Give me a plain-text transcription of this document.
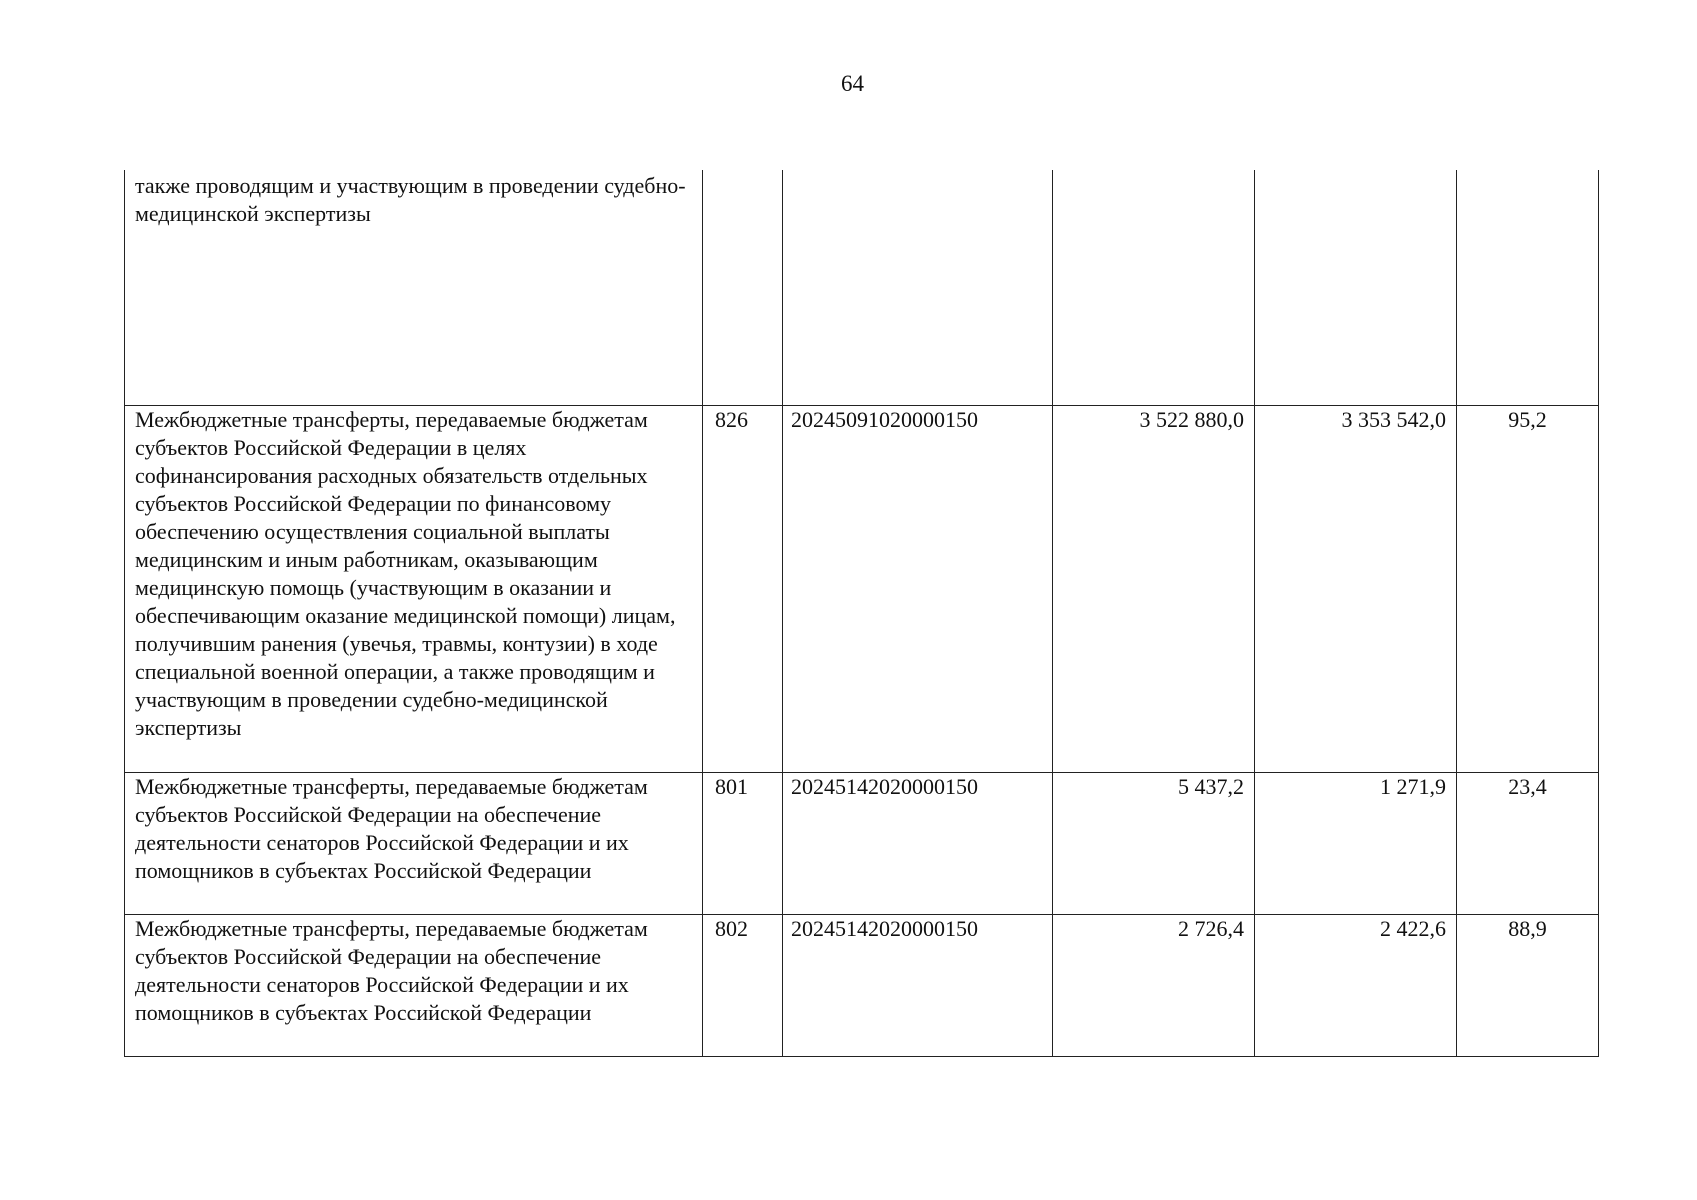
64
также проводящим и участвующим в проведении судебно-медицинской экспертизы					
Межбюджетные трансферты, передаваемые бюджетам субъектов Российской Федерации в целях софинансирования расходных обязательств отдельных субъектов Российской Федерации по финансовому обеспечению осуществления социальной выплаты медицинским и иным работникам, оказывающим медицинскую помощь (участвующим в оказании и обеспечивающим оказание медицинской помощи) лицам, получившим ранения (увечья, травмы, контузии) в ходе специальной военной операции, а также проводящим и участвующим в проведении судебно-медицинской экспертизы	826	20245091020000150	3 522 880,0	3 353 542,0	95,2
Межбюджетные трансферты, передаваемые бюджетам субъектов Российской Федерации на обеспечение деятельности сенаторов Российской Федерации и их помощников в субъектах Российской Федерации	801	20245142020000150	5 437,2	1 271,9	23,4
Межбюджетные трансферты, передаваемые бюджетам субъектов Российской Федерации на обеспечение деятельности сенаторов Российской Федерации и их помощников в субъектах Российской Федерации	802	20245142020000150	2 726,4	2 422,6	88,9
